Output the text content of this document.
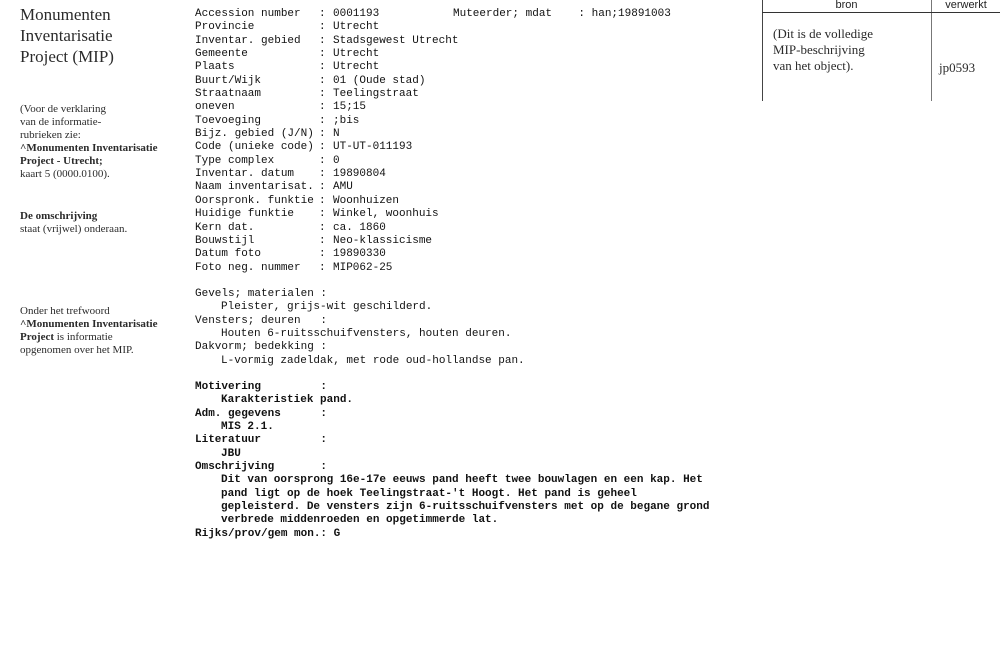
Monumenten
Inventarisatie
Project (MIP)
(Voor de verklaring
van de informatie-
rubrieken zie:
^Monumenten Inventarisatie
Project - Utrecht;
kaart 5 (0000.0100).
De omschrijving
staat (vrijwel) onderaan.
Onder het trefwoord
^Monumenten Inventarisatie
Project is informatie
opgenomen over het MIP.
Muteerder; mdat    : han;19891003
Accession number	: 0001193
Provincie	: Utrecht
Inventar. gebied	: Stadsgewest Utrecht
Gemeente	: Utrecht
Plaats	: Utrecht
Buurt/Wijk	: 01 (Oude stad)
Straatnaam	: Teelingstraat
oneven	: 15;15
Toevoeging	: ;bis
Bijz. gebied (J/N) : N
Code (unieke code) : UT-UT-011193
Type complex	: 0
Inventar. datum	: 19890804
Naam inventarisat. : AMU
Oorspronk. funktie : Woonhuizen
Huidige funktie	: Winkel, woonhuis
Kern dat.	: ca. 1860
Bouwstijl	: Neo-klassicisme
Datum foto	: 19890330
Foto neg. nummer	: MIP062-25
Gevels; materialen :
Pleister, grijs-wit geschilderd.
Vensters; deuren   :
Houten 6-ruitsschuifvensters, houten deuren.
Dakvorm; bedekking :
L-vormig zadeldak, met rode oud-hollandse pan.
Motivering         :
Karakteristiek pand.
Adm. gegevens      :
MIS 2.1.
Literatuur         :
JBU
Omschrijving       :
Dit van oorsprong 16e-17e eeuws pand heeft twee bouwlagen en een kap. Het
pand ligt op de hoek Teelingstraat-'t Hoogt. Het pand is geheel
gepleisterd. De vensters zijn 6-ruitsschuifvensters met op de begane grond
verbrede middenroeden en opgetimmerde lat.
Rijks/prov/gem mon.: G
bron	verwerkt
(Dit is de volledige
MIP-beschrijving
van het object).	jp0593
